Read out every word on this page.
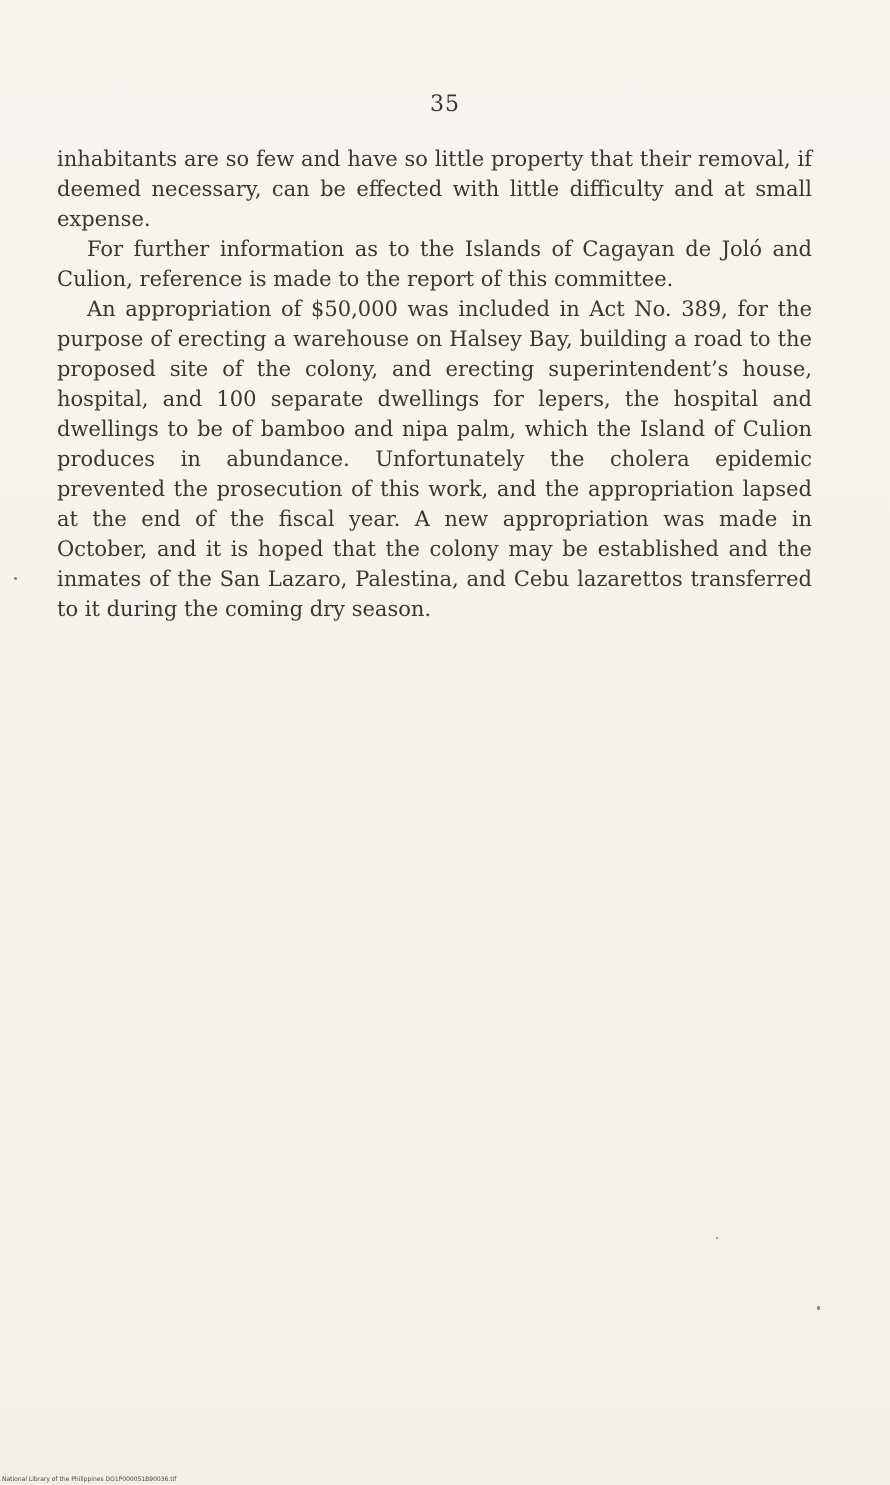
35

inhabitants are so few and have so little property that their removal, if deemed necessary, can be effected with little difficulty and at small expense.

For further information as to the Islands of Cagayan de Joló and Culion, reference is made to the report of this committee.

An appropriation of $50,000 was included in Act No. 389, for the purpose of erecting a warehouse on Halsey Bay, building a road to the proposed site of the colony, and erecting superintendent’s house, hospital, and 100 separate dwellings for lepers, the hospital and dwellings to be of bamboo and nipa palm, which the Island of Culion produces in abundance. Unfortunately the cholera epidemic prevented the prosecution of this work, and the appropriation lapsed at the end of the fiscal year. A new appropriation was made in October, and it is hoped that the colony may be established and the inmates of the San Lazaro, Palestina, and Cebu lazarettos transferred to it during the coming dry season.

National Library of the Philippines DO1P000051B90036.tif
